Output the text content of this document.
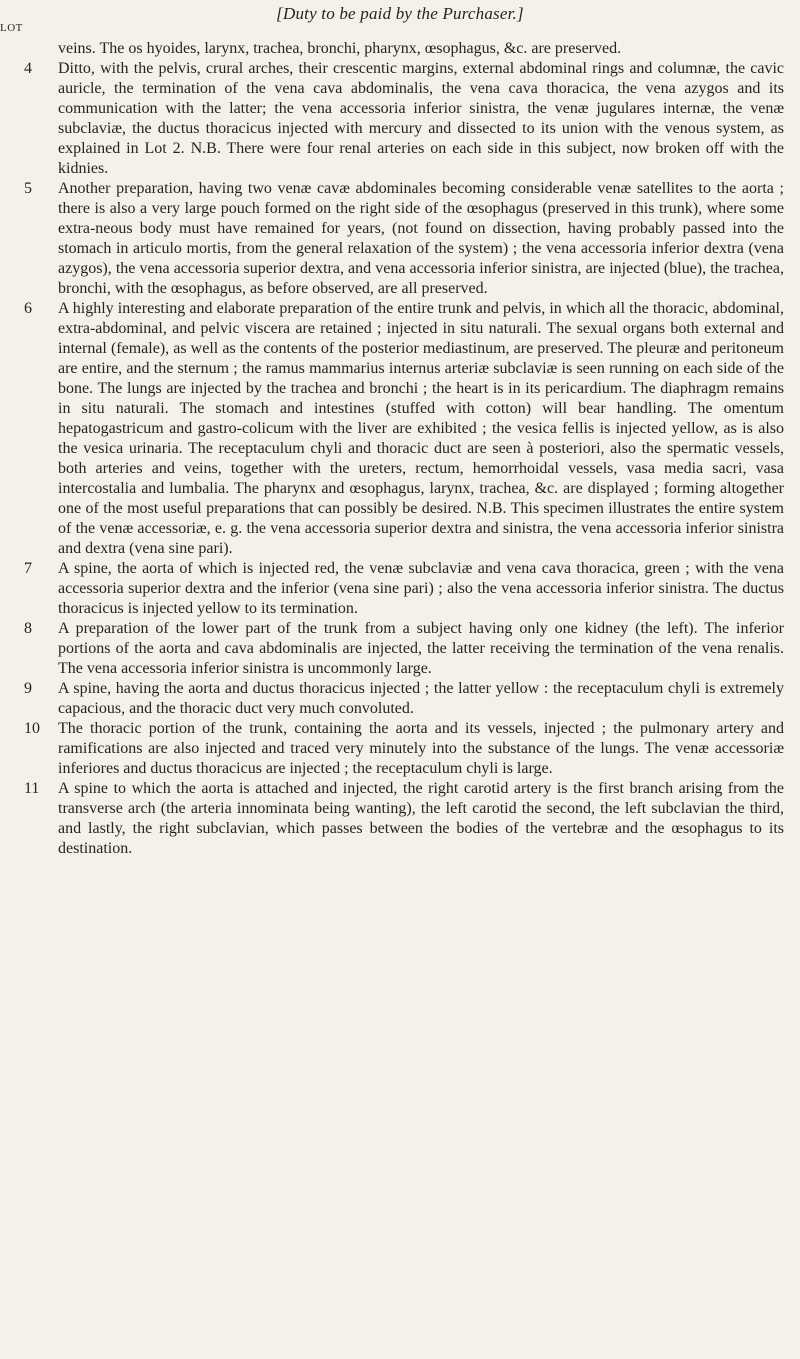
[Duty to be paid by the Purchaser.]
LOT

veins. The os hyoides, larynx, trachea, bronchi, pharynx, œsophagus, &c. are preserved.

4	Ditto, with the pelvis, crural arches, their crescentic margins, external abdominal rings and columnæ, the cavic auricle, the termination of the vena cava abdominalis, the vena cava thoracica, the vena azygos and its communication with the latter; the vena accessoria inferior sinistra, the venæ jugulares internæ, the venæ subclaviæ, the ductus thoracicus injected with mercury and dissected to its union with the venous system, as explained in Lot 2. N.B. There were four renal arteries on each side in this subject, now broken off with the kidnies.

5	Another preparation, having two venæ cavæ abdominales becoming considerable venæ satellites to the aorta ; there is also a very large pouch formed on the right side of the œsophagus (preserved in this trunk), where some extra-neous body must have remained for years, (not found on dissection, having probably passed into the stomach in articulo mortis, from the general relaxation of the system) ; the vena accessoria inferior dextra (vena azygos), the vena accessoria superior dextra, and vena accessoria inferior sinistra, are injected (blue), the trachea, bronchi, with the œsophagus, as before observed, are all preserved.

6	A highly interesting and elaborate preparation of the entire trunk and pelvis, in which all the thoracic, abdominal, extra-abdominal, and pelvic viscera are retained ; injected in situ naturali. The sexual organs both external and internal (female), as well as the contents of the posterior mediastinum, are preserved. The pleuræ and peritoneum are entire, and the sternum ; the ramus mammarius internus arteriæ subclaviæ is seen running on each side of the bone. The lungs are injected by the trachea and bronchi ; the heart is in its pericardium. The diaphragm remains in situ naturali. The stomach and intestines (stuffed with cotton) will bear handling. The omentum hepatogastricum and gastro-colicum with the liver are exhibited ; the vesica fellis is injected yellow, as is also the vesica urinaria. The receptaculum chyli and thoracic duct are seen à posteriori, also the spermatic vessels, both arteries and veins, together with the ureters, rectum, hemorrhoidal vessels, vasa media sacri, vasa intercostalia and lumbalia. The pharynx and œsophagus, larynx, trachea, &c. are displayed ; forming altogether one of the most useful preparations that can possibly be desired. N.B. This specimen illustrates the entire system of the venæ accessoriæ, e. g. the vena accessoria superior dextra and sinistra, the vena accessoria inferior sinistra and dextra (vena sine pari).

7	A spine, the aorta of which is injected red, the venæ subclaviæ and vena cava thoracica, green ; with the vena accessoria superior dextra and the inferior (vena sine pari) ; also the vena accessoria inferior sinistra. The ductus thoracicus is injected yellow to its termination.

8	A preparation of the lower part of the trunk from a subject having only one kidney (the left). The inferior portions of the aorta and cava abdominalis are injected, the latter receiving the termination of the vena renalis. The vena accessoria inferior sinistra is uncommonly large.

9	A spine, having the aorta and ductus thoracicus injected ; the latter yellow : the receptaculum chyli is extremely capacious, and the thoracic duct very much convoluted.

10	The thoracic portion of the trunk, containing the aorta and its vessels, injected ; the pulmonary artery and ramifications are also injected and traced very minutely into the substance of the lungs. The venæ accessoriæ inferiores and ductus thoracicus are injected ; the receptaculum chyli is large.

11	A spine to which the aorta is attached and injected, the right carotid artery is the first branch arising from the transverse arch (the arteria innominata being wanting), the left carotid the second, the left subclavian the third, and lastly, the right subclavian, which passes between the bodies of the vertebræ and the œsophagus to its destination.
